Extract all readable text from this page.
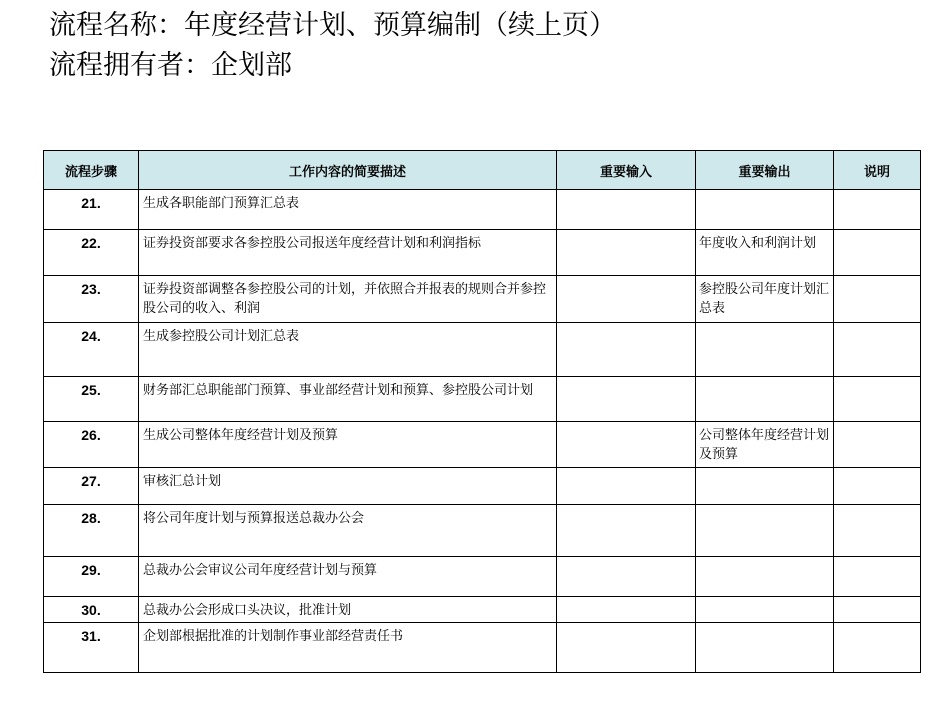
流程名称：年度经营计划、预算编制（续上页）
流程拥有者：企划部
流程步骤	工作内容的简要描述	重要输入	重要输出	说明
21.	生成各职能部门预算汇总表			
22.	证券投资部要求各参控股公司报送年度经营计划和利润指标		年度收入和利润计划	
23.	证券投资部调整各参控股公司的计划，并依照合并报表的规则合并参控股公司的收入、利润		参控股公司年度计划汇总表	
24.	生成参控股公司计划汇总表			
25.	财务部汇总职能部门预算、事业部经营计划和预算、参控股公司计划			
26.	生成公司整体年度经营计划及预算		公司整体年度经营计划及预算	
27.	审核汇总计划			
28.	将公司年度计划与预算报送总裁办公会			
29.	总裁办公会审议公司年度经营计划与预算			
30.	总裁办公会形成口头决议，批准计划			
31.	企划部根据批准的计划制作事业部经营责任书			
